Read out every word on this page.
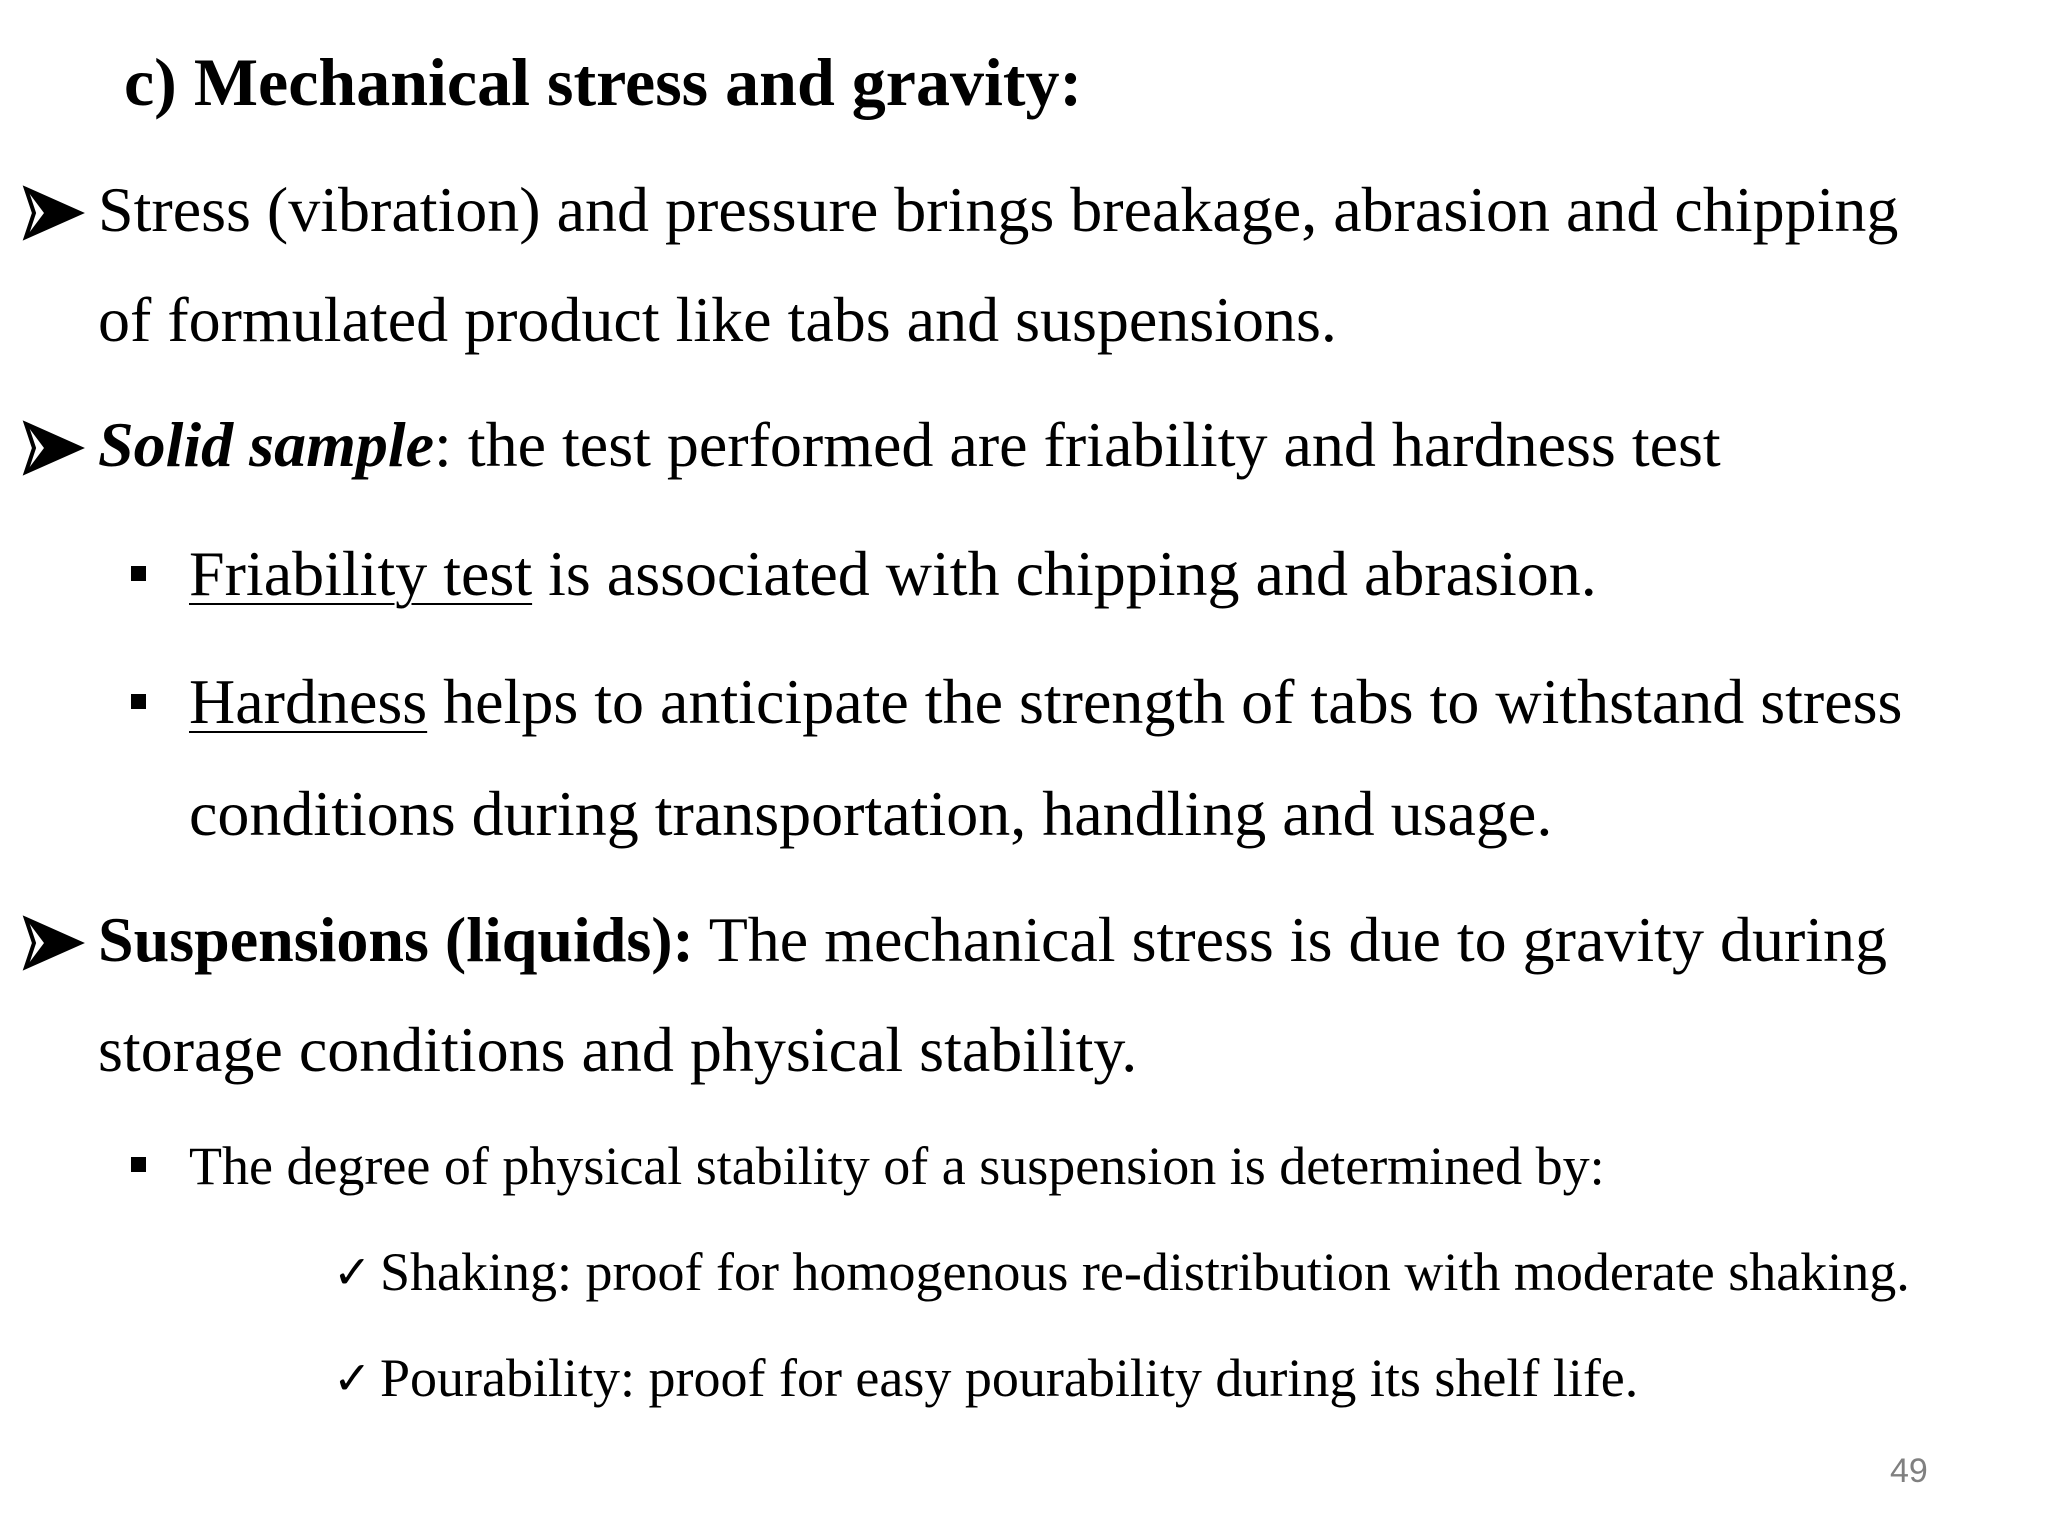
c) Mechanical stress and gravity:
Stress (vibration) and pressure brings breakage, abrasion and chipping
of formulated product like tabs and suspensions.
Solid sample: the test performed are friability and hardness test
Friability test is associated with chipping and abrasion.
Hardness helps to anticipate the strength of tabs to withstand stress
conditions during transportation, handling and usage.
Suspensions (liquids): The mechanical stress is due to gravity during
storage conditions and physical stability.
The degree of physical stability of a suspension is determined by:
✓ Shaking: proof for homogenous re-distribution with moderate shaking.
✓ Pourability: proof for easy pourability during its shelf life.
49
